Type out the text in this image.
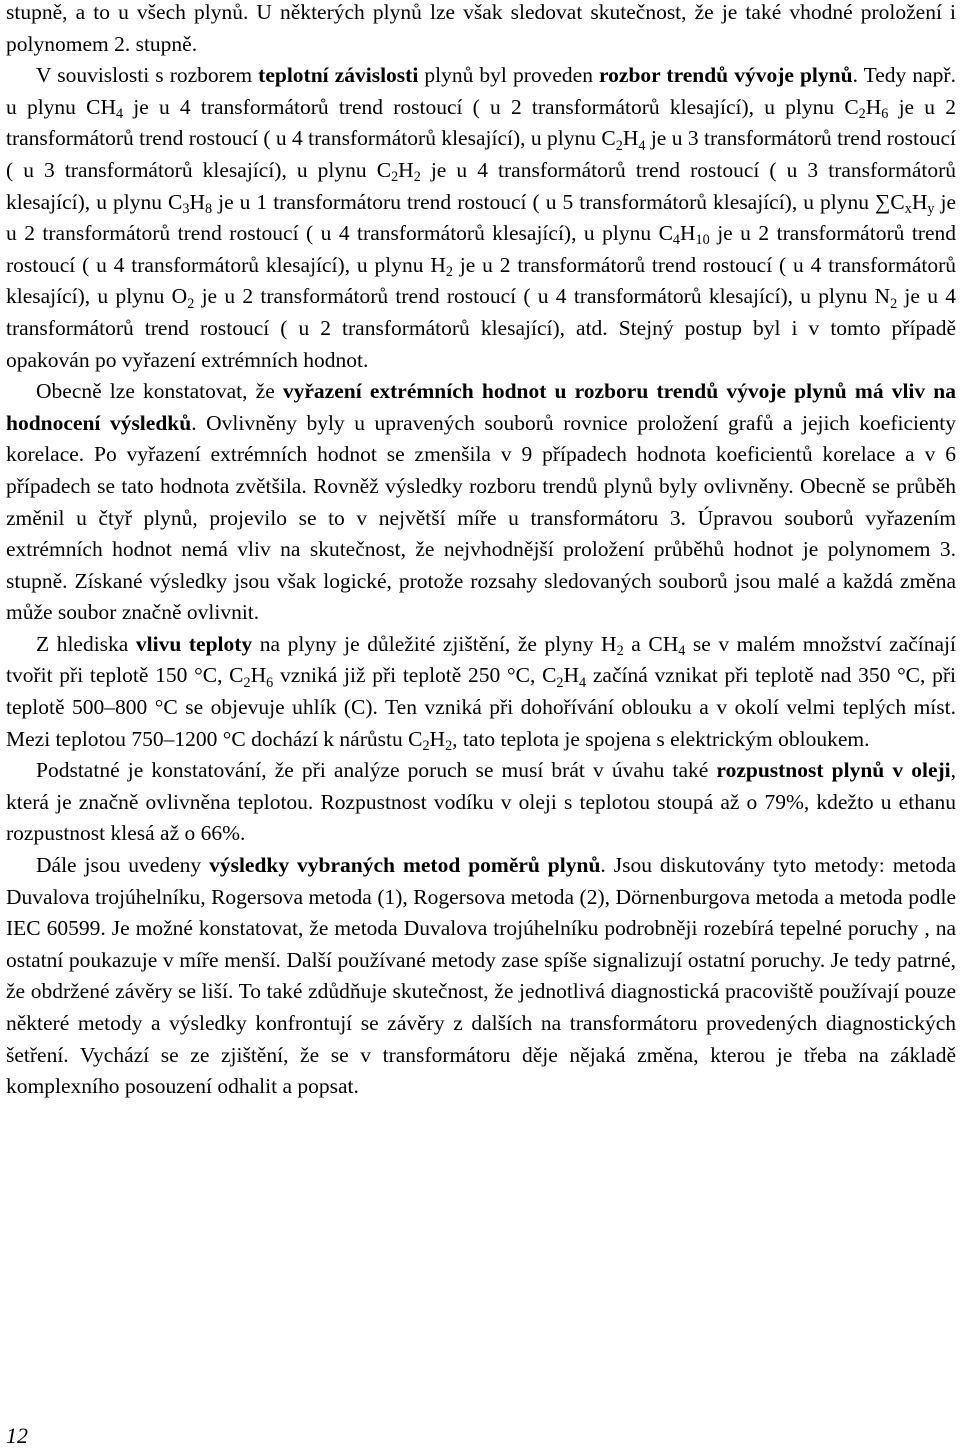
stupně, a to u všech plynů. U některých plynů lze však sledovat skutečnost, že je také vhodné proložení i polynomem 2. stupně.

V souvislosti s rozborem teplotní závislosti plynů byl proveden rozbor trendů vývoje plynů. Tedy např. u plynu $CH_4$ je u 4 transformátorů trend rostoucí ( u 2 transformátorů klesající), u plynu $C_2H_6$ je u 2 transformátorů trend rostoucí ( u 4 transformátorů klesající), u plynu $C_2H_4$ je u 3 transformátorů trend rostoucí ( u 3 transformátorů klesající), u plynu $C_2H_2$ je u 4 transformátorů trend rostoucí ( u 3 transformátorů klesající), u plynu $C_3H_8$ je u 1 transformátoru trend rostoucí ( u 5 transformátorů klesající), u plynu $\sum C_xH_y$ je u 2 transformátorů trend rostoucí ( u 4 transformátorů klesající), u plynu $C_4H_{10}$ je u 2 transformátorů trend rostoucí ( u 4 transformátorů klesající), u plynu $H_2$ je u 2 transformátorů trend rostoucí ( u 4 transformátorů klesající), u plynu $O_2$ je u 2 transformátorů trend rostoucí ( u 4 transformátorů klesající), u plynu $N_2$ je u 4 transformátorů trend rostoucí ( u 2 transformátorů klesající), atd. Stejný postup byl i v tomto případě opakován po vyřazení extrémních hodnot.

Obecně lze konstatovat, že vyřazení extrémních hodnot u rozboru trendů vývoje plynů má vliv na hodnocení výsledků. Ovlivněny byly u upravených souborů rovnice proložení grafů a jejich koeficienty korelace. Po vyřazení extrémních hodnot se zmenšila v 9 případech hodnota koeficientů korelace a v 6 případech se tato hodnota zvětšila. Rovněž výsledky rozboru trendů plynů byly ovlivněny. Obecně se průběh změnil u čtyř plynů, projevilo se to v největší míře u transformátoru 3. Úpravou souborů vyřazením extrémních hodnot nemá vliv na skutečnost, že nejvhodnější proložení průběhů hodnot je polynomem 3. stupně. Získané výsledky jsou však logické, protože rozsahy sledovaných souborů jsou malé a každá změna může soubor značně ovlivnit.

Z hlediska vlivu teploty na plyny je důležité zjištění, že plyny $H_2$ a $CH_4$ se v malém množství začínají tvořit při teplotě 150 °C, $C_2H_6$ vzniká již při teplotě 250 °C, $C_2H_4$ začíná vznikat při teplotě nad 350 °C, při teplotě 500–800 °C se objevuje uhlík (C). Ten vzniká při dohořívání oblouku a v okolí velmi teplých míst. Mezi teplotou 750–1200 °C dochází k nárůstu $C_2H_2$, tato teplota je spojena s elektrickým obloukem.

Podstatné je konstatování, že při analýze poruch se musí brát v úvahu také rozpustnost plynů v oleji, která je značně ovlivněna teplotou. Rozpustnost vodíku v oleji s teplotou stoupá až o 79%, kdežto u ethanu rozpustnost klesá až o 66%.

Dále jsou uvedeny výsledky vybraných metod poměrů plynů. Jsou diskutovány tyto metody: metoda Duvalova trojúhelníku, Rogersova metoda (1), Rogersova metoda (2), Dörnenburgova metoda a metoda podle IEC 60599. Je možné konstatovat, že metoda Duvalova trojúhelníku podrobněji rozebírá tepelné poruchy , na ostatní poukazuje v míře menší. Další používané metody zase spíše signalizují ostatní poruchy. Je tedy patrné, že obdržené závěry se liší. To také zdůdňuje skutečnost, že jednotlivá diagnostická pracoviště používají pouze některé metody a výsledky konfrontují se závěry z dalších na transformátoru provedených diagnostických šetření. Vychází se ze zjištění, že se v transformátoru děje nějaká změna, kterou je třeba na základě komplexního posouzení odhalit a popsat.

12
